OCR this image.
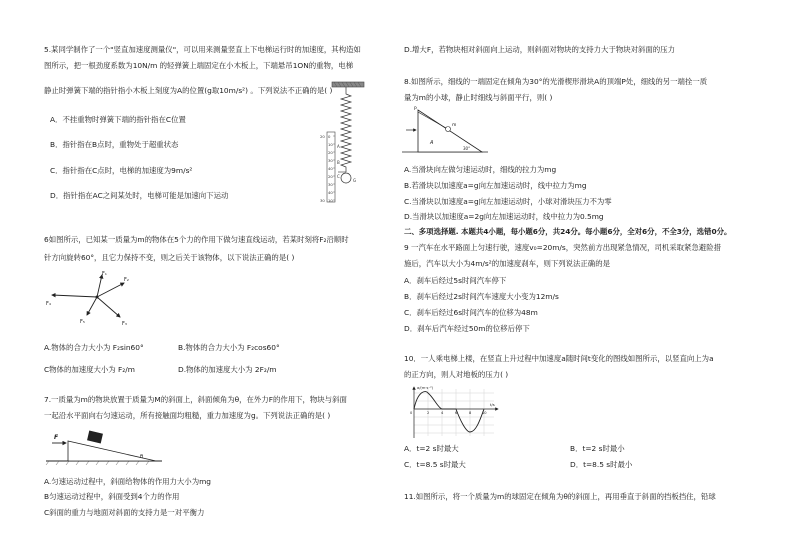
5.某同学制作了一个"竖直加速度测量仪"，可以用来测量竖直上下电梯运行时的加速度，其构造如
图所示，把一根劲度系数为10N/m 的轻弹簧上端固定在小木板上，下端悬吊1ON的重物，电梯
静止时弹簧下端的指针指小木板上刻度为A的位置(g取10m/s²) 。下列说法不正确的是( )
A．不挂重物时弹簧下端的指针指在C位置
B．指针指在B点时，重物处于超重状态
C．指针指在C点时，电梯的加速度为9m/s²
D．指针指在AC之间某处时，电梯可能是加速向下运动
0
10
20
30
40
20
30
40
10
20
30
A
B
C
G
6如图所示，已知某一质量为m的物体在5个力的作用下做匀速直线运动，若某时刻将F₂沿顺时
针方向旋转60°，且它力保持不变，则之后关于该物体，以下说法正确的是( )
F₁
F₂
F₄
F₅	F₃
A.物体的合力大小为 F₂sin60°	B.物体的合力大小为 F₂cos60°
C物体的加速度大小为 F₂/m	D.物体的加速度大小为 2F₂/m
7.一质量为m的物块放置于质量为M的斜面上，斜面倾角为θ，在外力F的作用下，物块与斜面
一起沿水平面向右匀速运动，所有接触面均粗糙，重力加速度为g。下列说法正确的是( )
F
θ
A.匀速运动过程中，斜面给物体的作用力大小为mg
B匀速运动过程中，斜面受到4个力的作用
C斜面的重力与地面对斜面的支持力是一对平衡力
D.增大F，若物块相对斜面向上运动，则斜面对物块的支持力大于物块对斜面的压力
8.如图所示，细线的一端固定在倾角为30°的光滑楔形滑块A的顶端P处，细线的另一端拴一质
量为m的小球，静止时细线与斜面平行，则( )
P
m
A
30°
A.当滑块向左做匀速运动时，细线的拉力为mg
B.若滑块以加速度a=g向左加速运动时，线中拉力为mg
C.当滑块以加速度a=g向左加速运动时，小球对滑块压力不为零
D.当滑块以加速度a=2g向左加速运动时，线中拉力为0.5mg
二、多项选择题. 本题共4小题，每小题6分，共24分。每小题6分，全对6分，不全3分，选错0分。
9 一汽车在水平路面上匀速行驶，速度v₀=20m/s，突然前方出现紧急情况，司机采取紧急避险措
施后，汽车以大小为4m/s²的加速度刹车，则下列说法正确的是
A．刹车后经过5s时间汽车停下
B．刹车后经过2s时间汽车速度大小变为12m/s
C．刹车后经过6s时间汽车的位移为48m
D．刹车后汽车经过50m的位移后停下
10．一人乘电梯上楼，在竖直上升过程中加速度a随时间t变化的图线如图所示，以竖直向上为a
的正方向，则人对地板的压力( )
a/(m·s⁻²)
t/s
0	2	4	6	8	10
A．t=2 s时最大	B．t=2 s时最小
C．t=8.5 s时最大	D．t=8.5 s时最小
11.如图所示，将一个质量为m的球固定在倾角为θ的斜面上，再用垂直于斜面的挡板挡住，铅球
